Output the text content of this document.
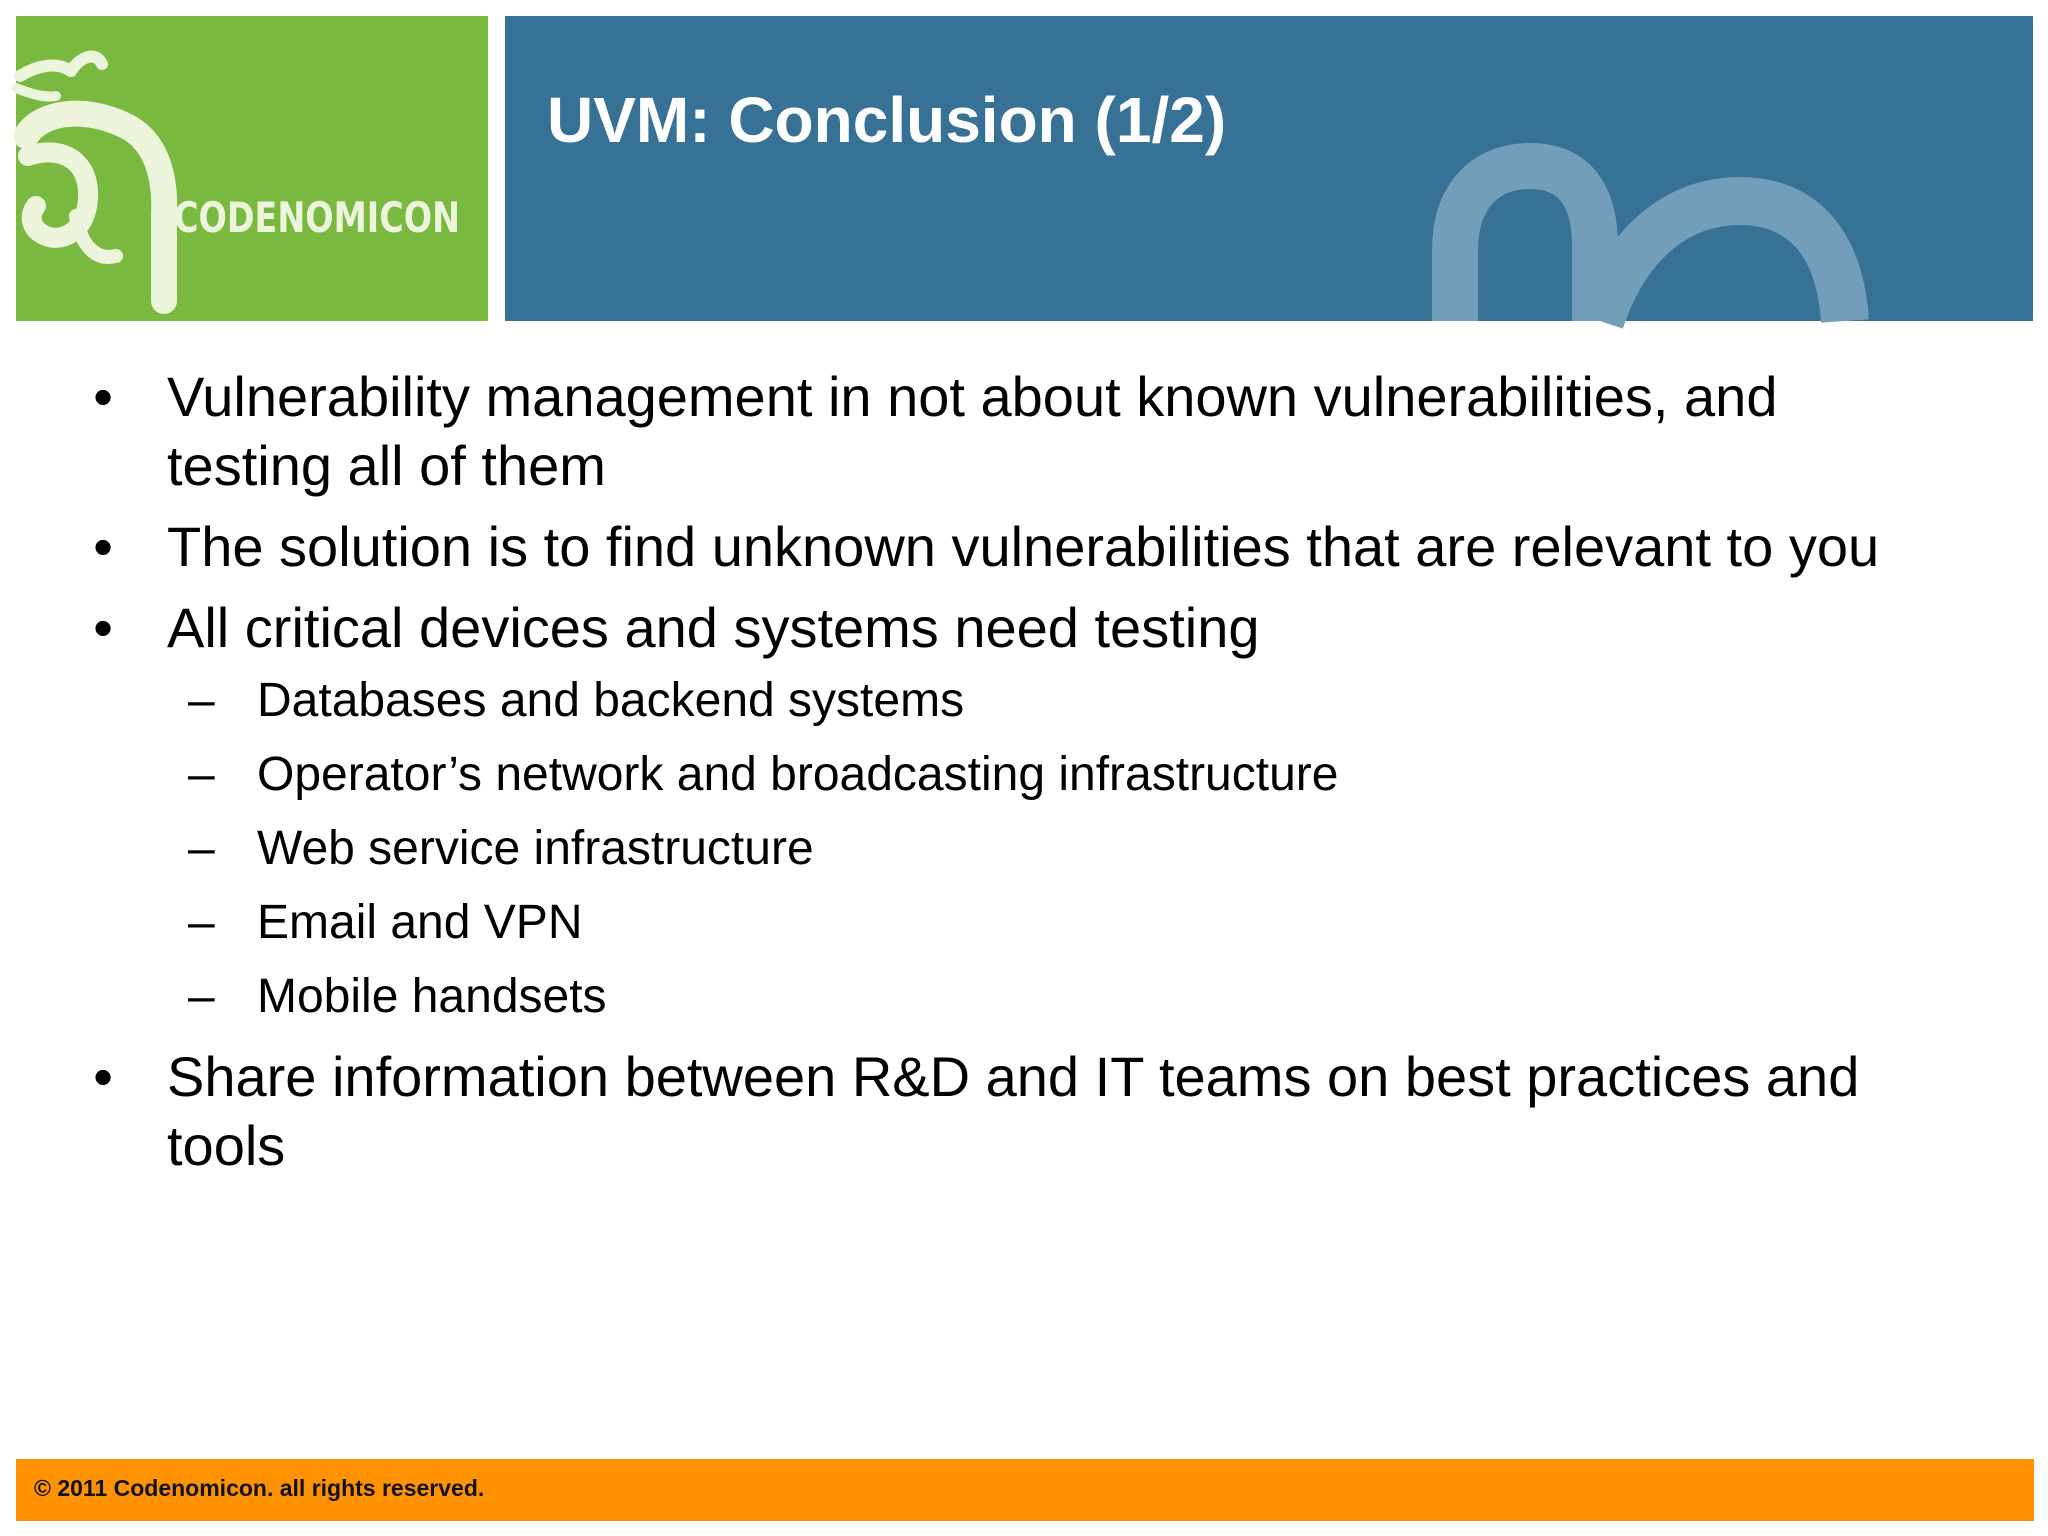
CODENOMICON
UVM: Conclusion (1/2)
• Vulnerability management in not about known vulnerabilities, and testing all of them
• The solution is to find unknown vulnerabilities that are relevant to you
• All critical devices and systems need testing
– Databases and backend systems
– Operator’s network and broadcasting infrastructure
– Web service infrastructure
– Email and VPN
– Mobile handsets
• Share information between R&D and IT teams on best practices and tools
© 2011 Codenomicon. all rights reserved.
